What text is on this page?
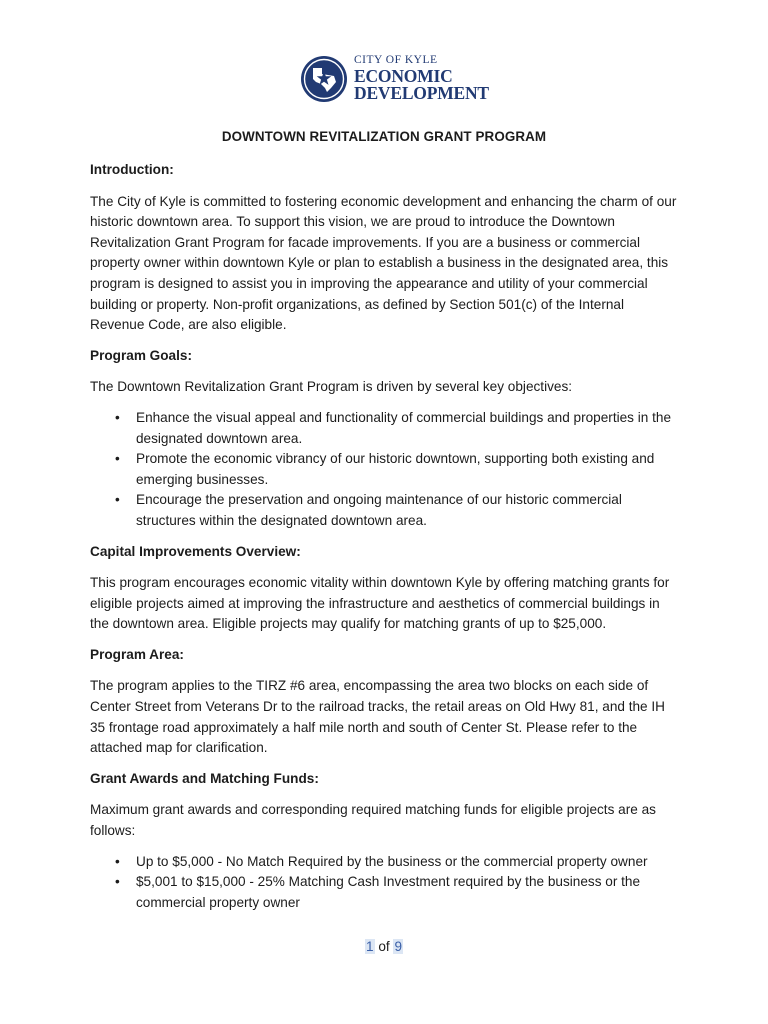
CITY OF KYLE
ECONOMIC
DEVELOPMENT
DOWNTOWN REVITALIZATION GRANT PROGRAM
Introduction:

The City of Kyle is committed to fostering economic development and enhancing the charm of our historic downtown area. To support this vision, we are proud to introduce the Downtown Revitalization Grant Program for facade improvements. If you are a business or commercial property owner within downtown Kyle or plan to establish a business in the designated area, this program is designed to assist you in improving the appearance and utility of your commercial building or property. Non-profit organizations, as defined by Section 501(c) of the Internal Revenue Code, are also eligible.

Program Goals:

The Downtown Revitalization Grant Program is driven by several key objectives:

• Enhance the visual appeal and functionality of commercial buildings and properties in the designated downtown area.
• Promote the economic vibrancy of our historic downtown, supporting both existing and emerging businesses.
• Encourage the preservation and ongoing maintenance of our historic commercial structures within the designated downtown area.
Capital Improvements Overview:

This program encourages economic vitality within downtown Kyle by offering matching grants for eligible projects aimed at improving the infrastructure and aesthetics of commercial buildings in the downtown area. Eligible projects may qualify for matching grants of up to $25,000.

Program Area:

The program applies to the TIRZ #6 area, encompassing the area two blocks on each side of Center Street from Veterans Dr to the railroad tracks, the retail areas on Old Hwy 81, and the IH 35 frontage road approximately a half mile north and south of Center St. Please refer to the attached map for clarification.

Grant Awards and Matching Funds:

Maximum grant awards and corresponding required matching funds for eligible projects are as follows:

• Up to $5,000 - No Match Required by the business or the commercial property owner
• $5,001 to $15,000 - 25% Matching Cash Investment required by the business or the commercial property owner
1 of 9
